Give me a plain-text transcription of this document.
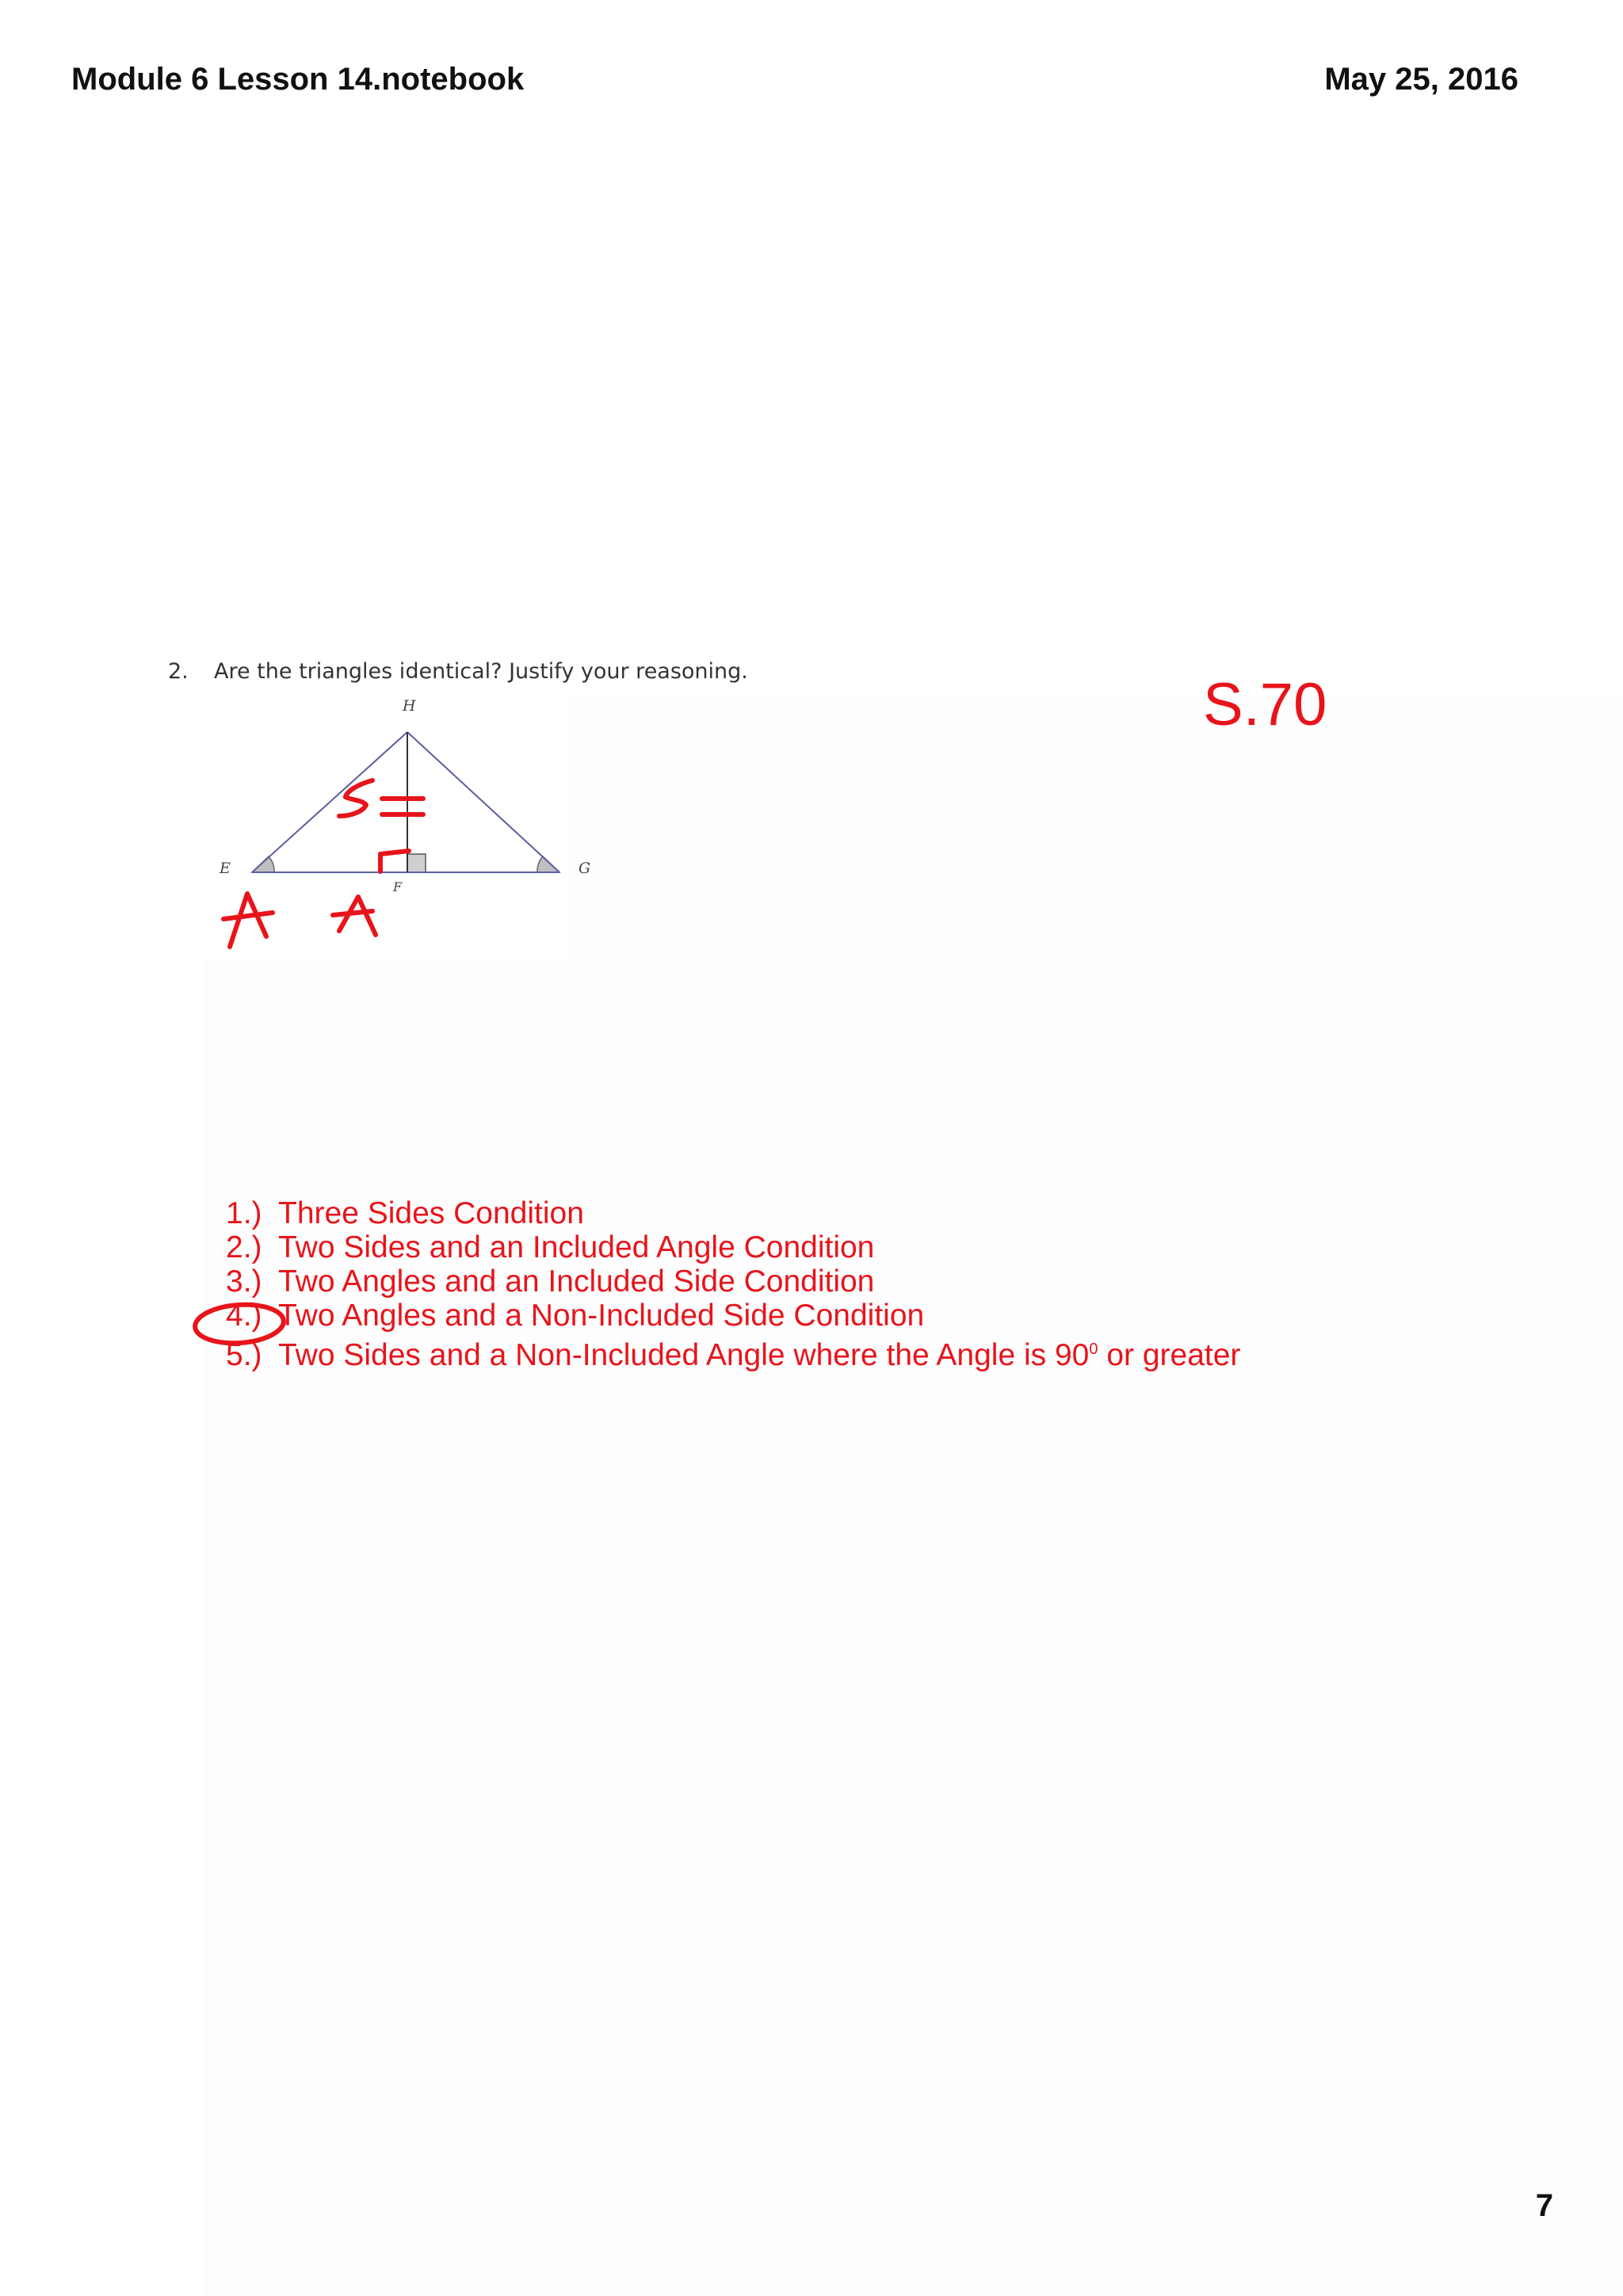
Module 6 Lesson 14.notebook	May 25, 2016
2. Are the triangles identical? Justify your reasoning.	S.70
H
E
F
G
1.) Three Sides Condition
2.) Two Sides and an Included Angle Condition
3.) Two Angles and an Included Side Condition
4.) Two Angles and a Non-Included Side Condition
5.) Two Sides and a Non-Included Angle where the Angle is $90^0$ or greater
7
